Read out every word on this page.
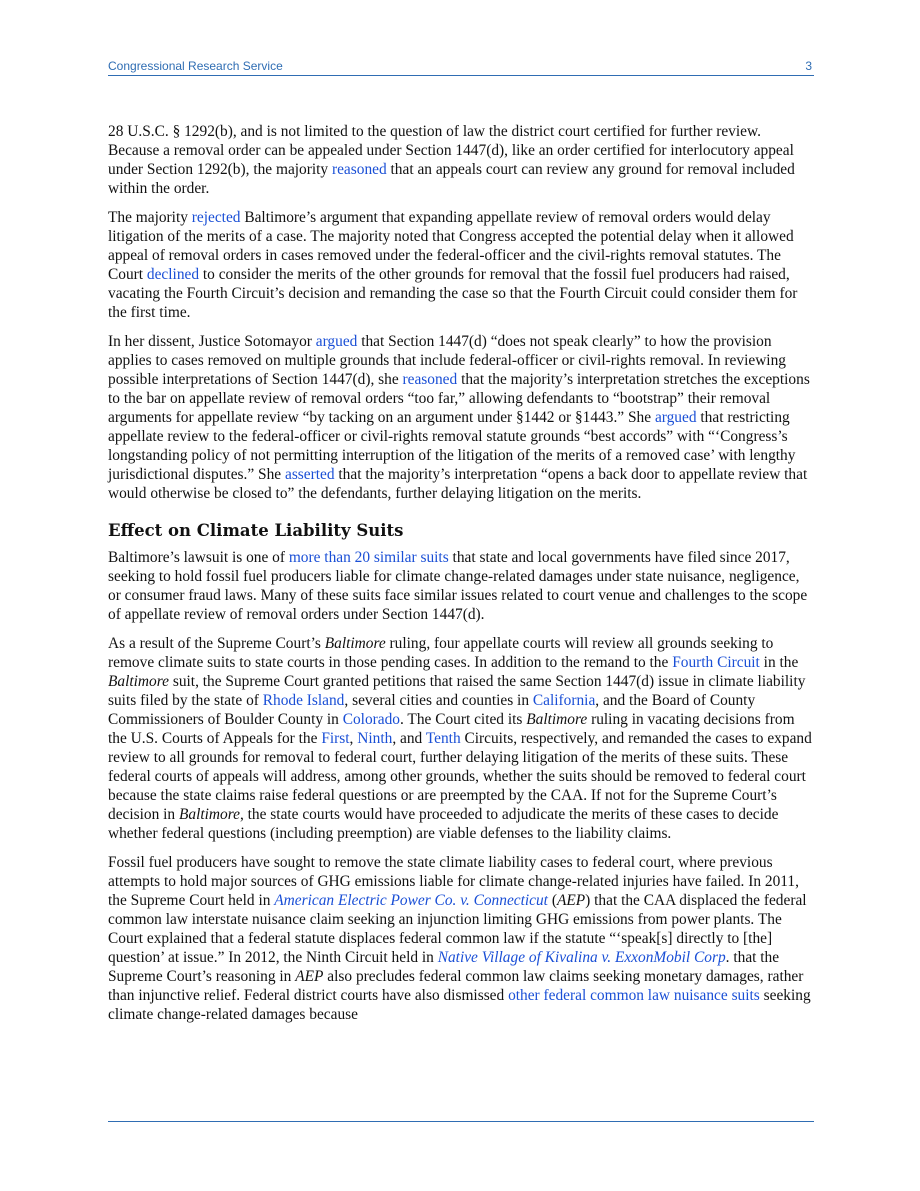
Congressional Research Service	3

28 U.S.C. § 1292(b), and is not limited to the question of law the district court certified for further review. Because a removal order can be appealed under Section 1447(d), like an order certified for interlocutory appeal under Section 1292(b), the majority reasoned that an appeals court can review any ground for removal included within the order.

The majority rejected Baltimore’s argument that expanding appellate review of removal orders would delay litigation of the merits of a case. The majority noted that Congress accepted the potential delay when it allowed appeal of removal orders in cases removed under the federal-officer and the civil-rights removal statutes. The Court declined to consider the merits of the other grounds for removal that the fossil fuel producers had raised, vacating the Fourth Circuit’s decision and remanding the case so that the Fourth Circuit could consider them for the first time.

In her dissent, Justice Sotomayor argued that Section 1447(d) “does not speak clearly” to how the provision applies to cases removed on multiple grounds that include federal-officer or civil-rights removal. In reviewing possible interpretations of Section 1447(d), she reasoned that the majority’s interpretation stretches the exceptions to the bar on appellate review of removal orders “too far,” allowing defendants to “bootstrap” their removal arguments for appellate review “by tacking on an argument under §1442 or §1443.” She argued that restricting appellate review to the federal-officer or civil-rights removal statute grounds “best accords” with “‘Congress’s longstanding policy of not permitting interruption of the litigation of the merits of a removed case’ with lengthy jurisdictional disputes.” She asserted that the majority’s interpretation “opens a back door to appellate review that would otherwise be closed to” the defendants, further delaying litigation on the merits.

Effect on Climate Liability Suits

Baltimore’s lawsuit is one of more than 20 similar suits that state and local governments have filed since 2017, seeking to hold fossil fuel producers liable for climate change-related damages under state nuisance, negligence, or consumer fraud laws. Many of these suits face similar issues related to court venue and challenges to the scope of appellate review of removal orders under Section 1447(d).

As a result of the Supreme Court’s Baltimore ruling, four appellate courts will review all grounds seeking to remove climate suits to state courts in those pending cases. In addition to the remand to the Fourth Circuit in the Baltimore suit, the Supreme Court granted petitions that raised the same Section 1447(d) issue in climate liability suits filed by the state of Rhode Island, several cities and counties in California, and the Board of County Commissioners of Boulder County in Colorado. The Court cited its Baltimore ruling in vacating decisions from the U.S. Courts of Appeals for the First, Ninth, and Tenth Circuits, respectively, and remanded the cases to expand review to all grounds for removal to federal court, further delaying litigation of the merits of these suits. These federal courts of appeals will address, among other grounds, whether the suits should be removed to federal court because the state claims raise federal questions or are preempted by the CAA. If not for the Supreme Court’s decision in Baltimore, the state courts would have proceeded to adjudicate the merits of these cases to decide whether federal questions (including preemption) are viable defenses to the liability claims.

Fossil fuel producers have sought to remove the state climate liability cases to federal court, where previous attempts to hold major sources of GHG emissions liable for climate change-related injuries have failed. In 2011, the Supreme Court held in American Electric Power Co. v. Connecticut (AEP) that the CAA displaced the federal common law interstate nuisance claim seeking an injunction limiting GHG emissions from power plants. The Court explained that a federal statute displaces federal common law if the statute “‘speak[s] directly to [the] question’ at issue.” In 2012, the Ninth Circuit held in Native Village of Kivalina v. ExxonMobil Corp. that the Supreme Court’s reasoning in AEP also precludes federal common law claims seeking monetary damages, rather than injunctive relief. Federal district courts have also dismissed other federal common law nuisance suits seeking climate change-related damages because
